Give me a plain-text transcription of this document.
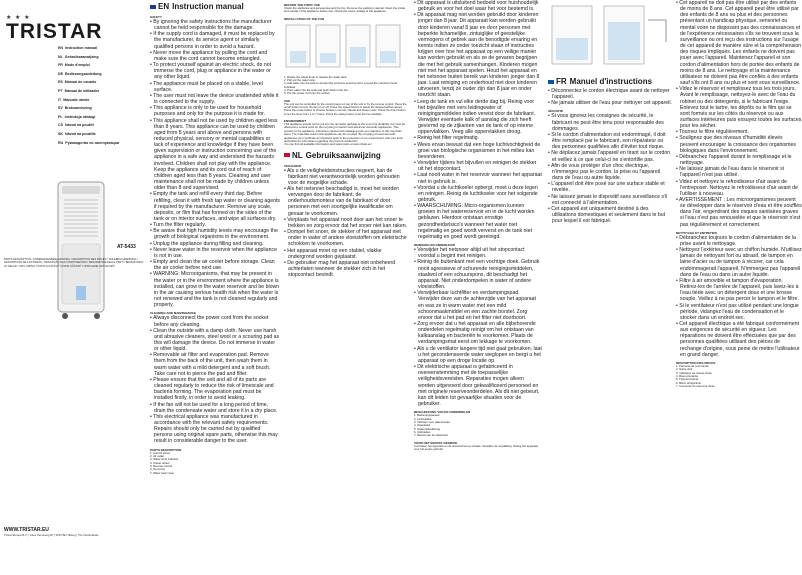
★ ★ ★
TRISTAR
EN Instruction manual
NL Gebruiksaanwijzing
FR Mode d'emploi
DE Bedienungsanleitung
ES Manual de usuario
PT Manual de utilizador
IT Manuale utente
SV Bruksanvisning
PL Instrukcja obsługi
CS Návod na použití
SK Návod na použitie
RU Руководство по эксплуатации
AT-5433
PARTS DESCRIPTION / ONDERDELENBESCHRIJVING / DESCRIPTION DES PIÈCES / TEILEBESCHREIBUNG / DESCRIPCIÓN DE LAS PIEZAS / DESCRIÇÃO DAS COMPONENTES / DESCRIZIONE DELLE PARTI / BESKRIVNING AV DELAR / OPIS CZĘŚCI / POPIS SOUČÁSTÍ / POPIS SÚČASTÍ / ОПИСАНИЕ ЗАПЧАСТЕЙ
WWW.TRISTAR.EU
Tristar Europe B.V. | Jules Verneweg 87 | 5015 BH Tilburg | The Netherlands
EN Instruction manual
SAFETY
• By ignoring the safety instructions the manufacturer cannot be held responsible for the damage.
• If the supply cord is damaged, it must be replaced by the manufacturer, its service agent or similarly qualified persons in order to avoid a hazard.
• Never move the appliance by pulling the cord and make sure the cord cannot become entangled.
• To protect yourself against an electric shock, do not immerse the cord, plug or appliance in the water or any other liquid.
• The appliance must be placed on a stable, level surface.
• The user must not leave the device unattended while it is connected to the supply.
• This appliance is only to be used for household purposes and only for the purpose it is made for.
• This appliance shall not be used by children aged less than 8 years. This appliance can be used by children aged from 8 years and above and persons with reduced physical, sensory or mental capabilities or lack of experience and knowledge if they have been given supervision or instruction concerning use of the appliance in a safe way and understand the hazards involved. Children shall not play with the appliance. Keep the appliance and its cord out of reach of children aged less than 8 years. Cleaning and user maintenance shall not be made by children unless older than 8 and supervised.
• Empty the tank and refill every third day. Before refilling, clean it with fresh tap water or cleaning agents if required by the manufacturer. Remove any scale, deposits, or film that has formed on the sides of the tank or on interior surfaces, and wipe all surfaces dry.
• Turn the filter regularly.
• Be aware that high humidity levels may encourage the growth of biological organisms in the environment.
• Unplug the appliance during filling and cleaning.
• Never leave water in the reservoir when the appliance is not in use.
• Empty and clean the air cooler before storage. Clean the air cooler before next use.
• WARNING: Microorganisms, that may be present in the water or in the environment where the appliance is installed, can grow in the water reservoir and be blown in the air causing serious health risk when the water is not renewed and the tank is not cleaned regularly and properly.
CLEANING AND MAINTENANCE
• Always disconnect the power cord from the socket before any cleaning.
• Clean the outside with a damp cloth. Never use harsh and abrasive cleaners, steel wool or a scouring pad as this will damage the device. Do not immerse in water or other liquid.
• Removable air filter and evaporation pad. Remove them from the back of the unit, then wash them in warm water with a mild detergent and a soft brush. Take care not to pierce the pad and filter.
• Please ensure that the unit and all of its parts are cleaned regularly to reduce the risk of limescale and bacteria forming. The evaporation pad must be installed firstly, in order to avoid leaking.
• If the fan will not be used for a long period of time, drain the condensate water and store it in a dry place.
• This electrical appliance was manufactured in accordance with the relevant safety requirements. Repairs should only be carried out by qualified persons using original spare parts, otherwise this may result in considerable danger to the user.
PARTS DESCRIPTION
1. Control panel
2. Air outlet
3. Water level indicator
4. Caster wheel
5. Remote control
6. Ice boxes
7. Water tank cover
BEFORE THE FIRST USE
Check the appliance and accessories and the box. Remove the packing material. Clean the inside and outside of the appliance before use. Check the mains voltage of the appliance.
INSTALLATION OF THE FAN
1. Rotate the wheel knob to release the water tank.
2. Pull out the water tank.
3. Add water into the tank to at least the minimum level but don't exceed the maximum level indicated.
4. Pour water into the tank and push back in the fan.
5. Put the power cord into the socket.
USE
The unit can be controlled by the control panel on top of the unit or by the remote control. Press the on/off button to turn the fan on or off. Press the speed button to select the desired airflow speed. Press the mode button to choose between normal, natural and sleep mode. Press the timer button to set the timer from 1 to 7 hours. Press the swing button to let the fan oscillate.
ENVIRONMENT
This appliance should not be put into the domestic garbage at the end of its durability, but must be offered at a central point for the recycling of electric and electronic domestic appliances. This symbol on the appliance, instruction manual and packaging puts your attention to this important issue. The materials used in this appliance can be recycled. By recycling of used domestic appliances you contribute an important push to the protection of our environment. Ask your local authorities for information regarding the point of recollection.
You can find all available information and spare parts at www.tristar.eu!
NL Gebruiksaanwijzing
VEILIGHEID
• Als u de veiligheidsinstructies negeert, kan de fabrikant niet verantwoordelijk worden gehouden voor de mogelijke schade.
• Als het netsnoer beschadigd is, moet het worden vervangen door de fabrikant, de onderhoudsmonteur van de fabrikant of door personen met een soortgelijke kwalificatie om gevaar te voorkomen.
• Verplaats het apparaat nooit door aan het snoer te trekken en zorg ervoor dat het snoer niet kan raken.
• Dompel het snoer, de stekker of het apparaat niet onder in water of andere vloeistoffen om elektrische schokken te voorkomen.
• Het apparaat moet op een stabiel, vlakke ondergrond worden geplaatst.
• De gebruiker mag het apparaat niet onbeheerd achterlaten wanneer de stekker zich in het stopcontact bevindt.
• Dit apparaat is uitsluitend bedoeld voor huishoudelijk gebruik en voor het doel waar het voor bestemd is.
• Dit apparaat mag niet worden gebruikt door kinderen jonger dan 8 jaar. Dit apparaat kan worden gebruikt door kinderen vanaf 8 jaar en door personen met beperkte lichamelijke, zintuiglijke of geestelijke vermogens of gebrek aan de benodigde ervaring en kennis indien ze onder toezicht staan of instructies krijgen over hoe het apparaat op een veilige manier kan worden gebruikt en als ze de gevaren begrijpen die met het gebruik samenhangen. Kinderen mogen niet met het apparaat spelen. Houd het apparaat en het netsnoer buiten bereik van kinderen jonger dan 8 jaar. Laat reiniging en onderhoud niet door kinderen uitvoeren, tenzij ze ouder zijn dan 8 jaar en onder toezicht staan.
• Leeg de tank en vul elke derde dag bij. Reinig voor het bijvullen met vers leidingwater of reinigingsmiddelen indien vereist door de fabrikant. Verwijder eventuele kalk of aanslag die zich heeft gevormd op de zijkanten van de tank of op interne oppervlakken. Veeg alle oppervlakken droog.
• Reinig het filter regelmatig.
• Wees ervan bewust dat een hoge luchtvochtigheid de groei van biologische organismen in het milieu kan bevorderen.
• Verwijder tijdens het bijvullen en reinigen de stekker uit het stopcontact.
• Laat nooit water in het reservoir wanneer het apparaat niet in gebruik is.
• Voordat u de luchtkoeler opbergt, moet u deze legen en reinigen. Reinig de luchtkoeler voor het volgende gebruik.
• WAARSCHUWING: Micro-organismen kunnen groeien in het waterreservoir en in de lucht worden geblazen. Hierdoor ontstaan ernstige gezondheidsrisico's wanneer het water niet regelmatig en goed wordt ververst en de tank niet regelmatig en goed wordt gereinigd.
REINIGING EN ONDERHOUD
• Verwijder het netsnoer altijd uit het stopcontact voordat u begint met reinigen.
• Reinig de buitenkant met een vochtige doek. Gebruik nooit agressieve of schurende reinigingsmiddelen, staalwol of een schuurspons, dit beschadigt het apparaat. Niet onderdompelen in water of andere vloeistoffen.
• Verwijderbaar luchtfilter en verdampingspad. Verwijder deze van de achterzijde van het apparaat en was ze in warm water met een mild schoonmaakmiddel en een zachte borstel. Zorg ervoor dat u het pad en het filter niet doorboort.
• Zorg ervoor dat u het apparaat en alle bijbehorende onderdelen regelmatig reinigt om het ontstaan van kalkaanslag en bacteriën te voorkomen. Plaats de verdampingsmat eerst om lekkage te voorkomen.
• Als u de ventilator langere tijd niet gaat gebruiken, laat u het gecondenseerde water weglopen en bergt u het apparaat op een droge locatie op.
• Dit elektrische apparaat is gefabriceerd in overeenstemming met de toepasselijke veiligheidsvereisten. Reparaties mogen alleen worden uitgevoerd door gekwalificeerd personeel en met originele reserveonderdelen. Als dit niet gebeurt, kan dit leiden tot gevaarlijke situaties voor de gebruiker.
BESCHRIJVING VAN DE ONDERDELEN
1. Bedieningspaneel
2. Luchtuitlaat
3. Indicator voor waterniveau
4. Zwenkwiel
5. Afstandsbediening
6. IJsblokken
7. Deksel van de watertank
VOOR HET EERSTE GEBRUIK
Controleer het apparaat en de accessoires op schade. Verwijder de verpakking. Reinig het apparaat voor het eerste gebruik.
FR Manuel d'instructions
• Déconnectez le cordon électrique avant de nettoyer l'appareil.
• Ne jamais utiliser de l'eau pour nettoyer cet appareil.
SÉCURITÉ
• Si vous ignorez les consignes de sécurité, le fabricant ne peut être tenu pour responsable des dommages.
• Si le cordon d'alimentation est endommagé, il doit être remplacé par le fabricant, son réparateur ou des personnes qualifiées afin d'éviter tout risque.
• Ne déplacez jamais l'appareil en tirant sur le cordon et veillez à ce que celui-ci ne s'entortille pas.
• Afin de vous protéger d'un choc électrique, n'immergez pas le cordon, la prise ou l'appareil dans de l'eau ou autre liquide.
• L'appareil doit être posé sur une surface stable et nivelée.
• Ne laissez jamais le dispositif sans surveillance s'il est connecté à l'alimentation.
• Cet appareil est uniquement destiné à des utilisations domestiques et seulement dans le but pour lequel il est fabriqué.
• Cet appareil ne doit pas être utilisé par des enfants de moins de 8 ans. Cet appareil peut être utilisé par des enfants de 8 ans ou plus et des personnes présentant un handicap physique, sensoriel ou mental voire ne disposant pas des connaissances et de l'expérience nécessaires s'ils se trouvent sous la surveillance ou ont reçu des instructions sur l'usage de cet appareil de manière sûre et la compréhension des risques impliqués. Les enfants ne doivent pas jouer avec l'appareil. Maintenez l'appareil et son cordon d'alimentation hors de portée des enfants de moins de 8 ans. Le nettoyage et la maintenance utilisateur ne doivent pas être confiés à des enfants sauf s'ils ont 8 ans ou plus et sont sous surveillance.
• Videz le réservoir et remplissez tous les trois jours. Avant le remplissage, nettoyez-le avec de l'eau du robinet ou des détergents, si le fabricant l'exige. Enlevez tout le tartre, les dépôts ou le film qui se sont formés sur les côtés du réservoir ou aux surfaces intérieures puis essuyez toutes les surfaces pour les sécher.
• Tournez le filtre régulièrement.
• Soulignez que des niveaux d'humidité élevés peuvent encourager la croissance des organismes biologiques dans l'environnement.
• Débranchez l'appareil durant le remplissage et le nettoyage.
• Ne laissez jamais de l'eau dans le réservoir si l'appareil n'est pas utilisé.
• Videz et nettoyez le refroidisseur d'air avant de l'entreposer. Nettoyez le refroidisseur d'air avant de l'utiliser à nouveau.
• AVERTISSEMENT : Les microorganismes peuvent se développer dans le réservoir d'eau et être soufflés dans l'air, engendrant des risques sanitaires graves si l'eau n'est pas renouvelée et que le réservoir n'est pas régulièrement et correctement.
NETTOYAGE ET ENTRETIEN
• Débranchez toujours le cordon d'alimentation de la prise avant le nettoyage.
• Nettoyez l'extérieur avec un chiffon humide. N'utilisez jamais de nettoyant fort ou abrasif, de tampon en laine d'acier ou de tampon à récurer, car cela endommagerait l'appareil. N'immergez pas l'appareil dans de l'eau ou dans un autre liquide.
• Filtre à air amovible et tampon d'évaporation. Retirez-les de l'arrière de l'appareil, puis lavez-les à l'eau tiède avec un détergent doux et une brosse souple. Veillez à ne pas percer le tampon et le filtre.
• Si le ventilateur n'est pas utilisé pendant une longue période, vidangez l'eau de condensation et le stocker dans un endroit sec.
• Cet appareil électrique a été fabriqué conformément aux exigences de sécurité en vigueur. Les réparations ne doivent être effectuées que par des personnes qualifiées utilisant des pièces de rechange d'origine, sous peine de mettre l'utilisateur en grand danger.
DESCRIPTION DES PIÈCES
1. Panneau de commande
2. Sortie d'air
3. Indicateur de niveau d'eau
4. Roue pivotante
5. Télécommande
6. Blocs réfrigérants
7. Couvercle du réservoir d'eau
